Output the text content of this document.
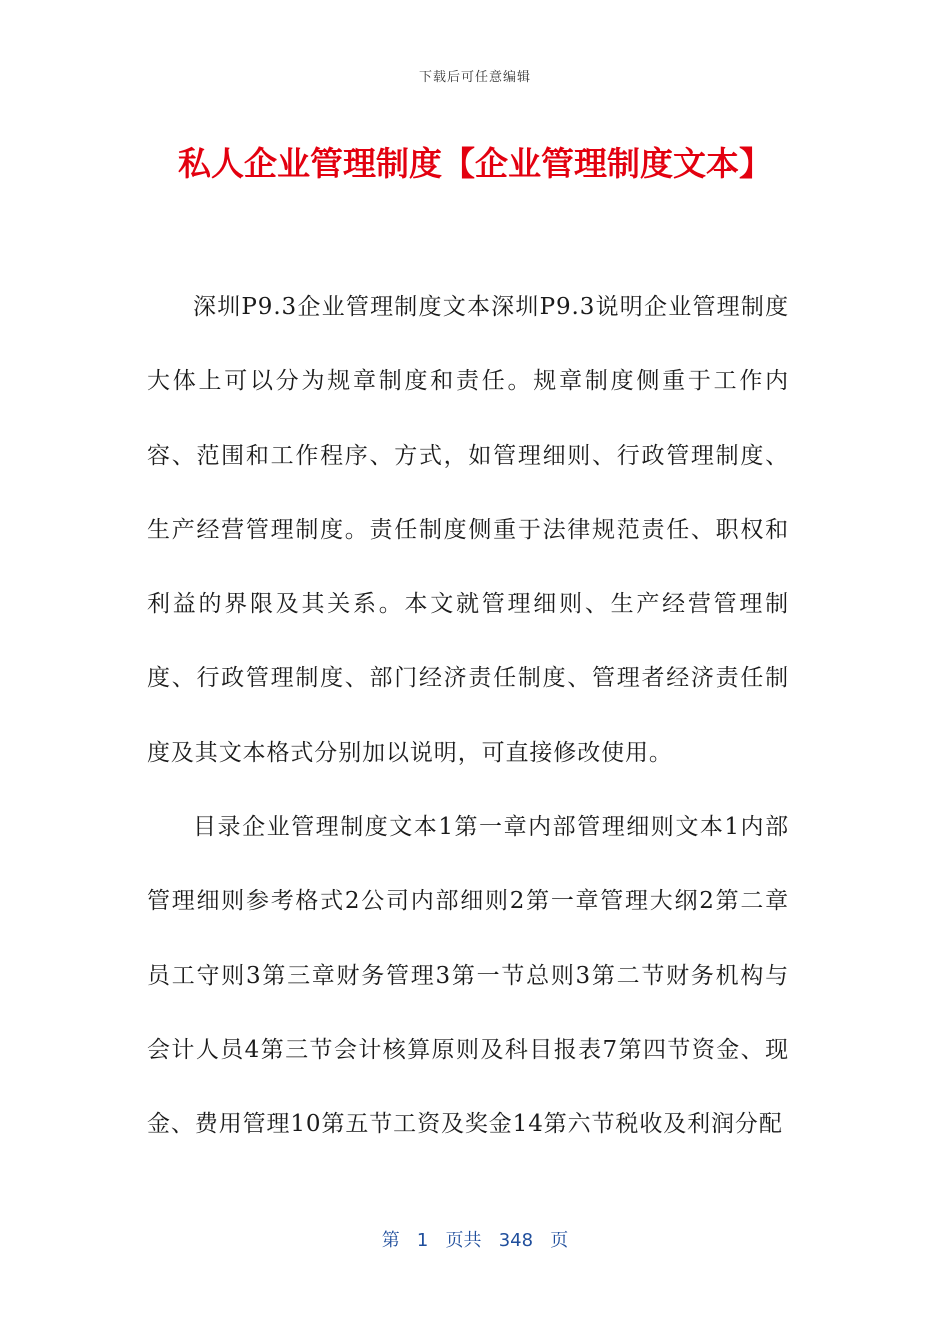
下载后可任意编辑
私人企业管理制度【企业管理制度文本】

深圳P9.3企业管理制度文本深圳P9.3说明企业管理制度大体上可以分为规章制度和责任。规章制度侧重于工作内容、范围和工作程序、方式，如管理细则、行政管理制度、生产经营管理制度。责任制度侧重于法律规范责任、职权和利益的界限及其关系。本文就管理细则、生产经营管理制度、行政管理制度、部门经济责任制度、管理者经济责任制度及其文本格式分别加以说明，可直接修改使用。

目录企业管理制度文本1第一章内部管理细则文本1内部管理细则参考格式2公司内部细则2第一章管理大纲2第二章员工守则3第三章财务管理3第一节总则3第二节财务机构与会计人员4第三节会计核算原则及科目报表7第四节资金、现金、费用管理10第五节工资及奖金14第六节税收及利润分配

第 1 页共 348 页
